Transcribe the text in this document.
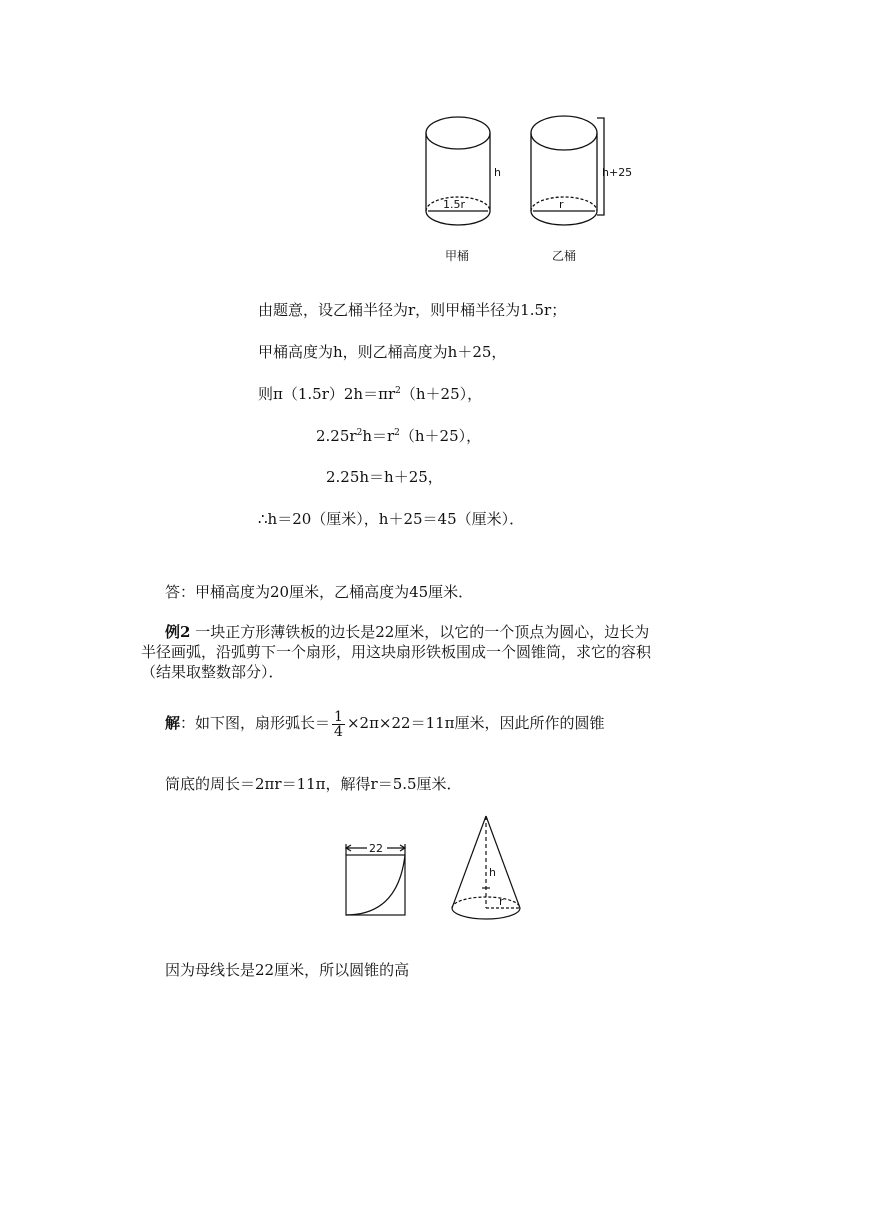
h
1.5r
甲桶
h+25
r
乙桶
由题意，设乙桶半径为r，则甲桶半径为1.5r；
甲桶高度为h，则乙桶高度为h＋25，
则$\pi(1.5r)2h=\pi r^2(h+25)$，
$2.25r^2h=r^2(h+25)$，
2.25h＝h＋25，
∴h＝20（厘米），h＋25＝45（厘米）．
答：甲桶高度为20厘米，乙桶高度为45厘米．
例2 一块正方形薄铁板的边长是22厘米，以它的一个顶点为圆心，边长为
半径画弧，沿弧剪下一个扇形，用这块扇形铁板围成一个圆锥筒，求它的容积
（结果取整数部分）．
解：如下图，扇形弧长＝ $\frac{1}{4} \times 2\pi\times 22=11\pi$厘米，因此所作的圆锥
筒底的周长＝2πr＝11π，解得r＝5.5厘米．
22
h
r
因为母线长是22厘米，所以圆锥的高
